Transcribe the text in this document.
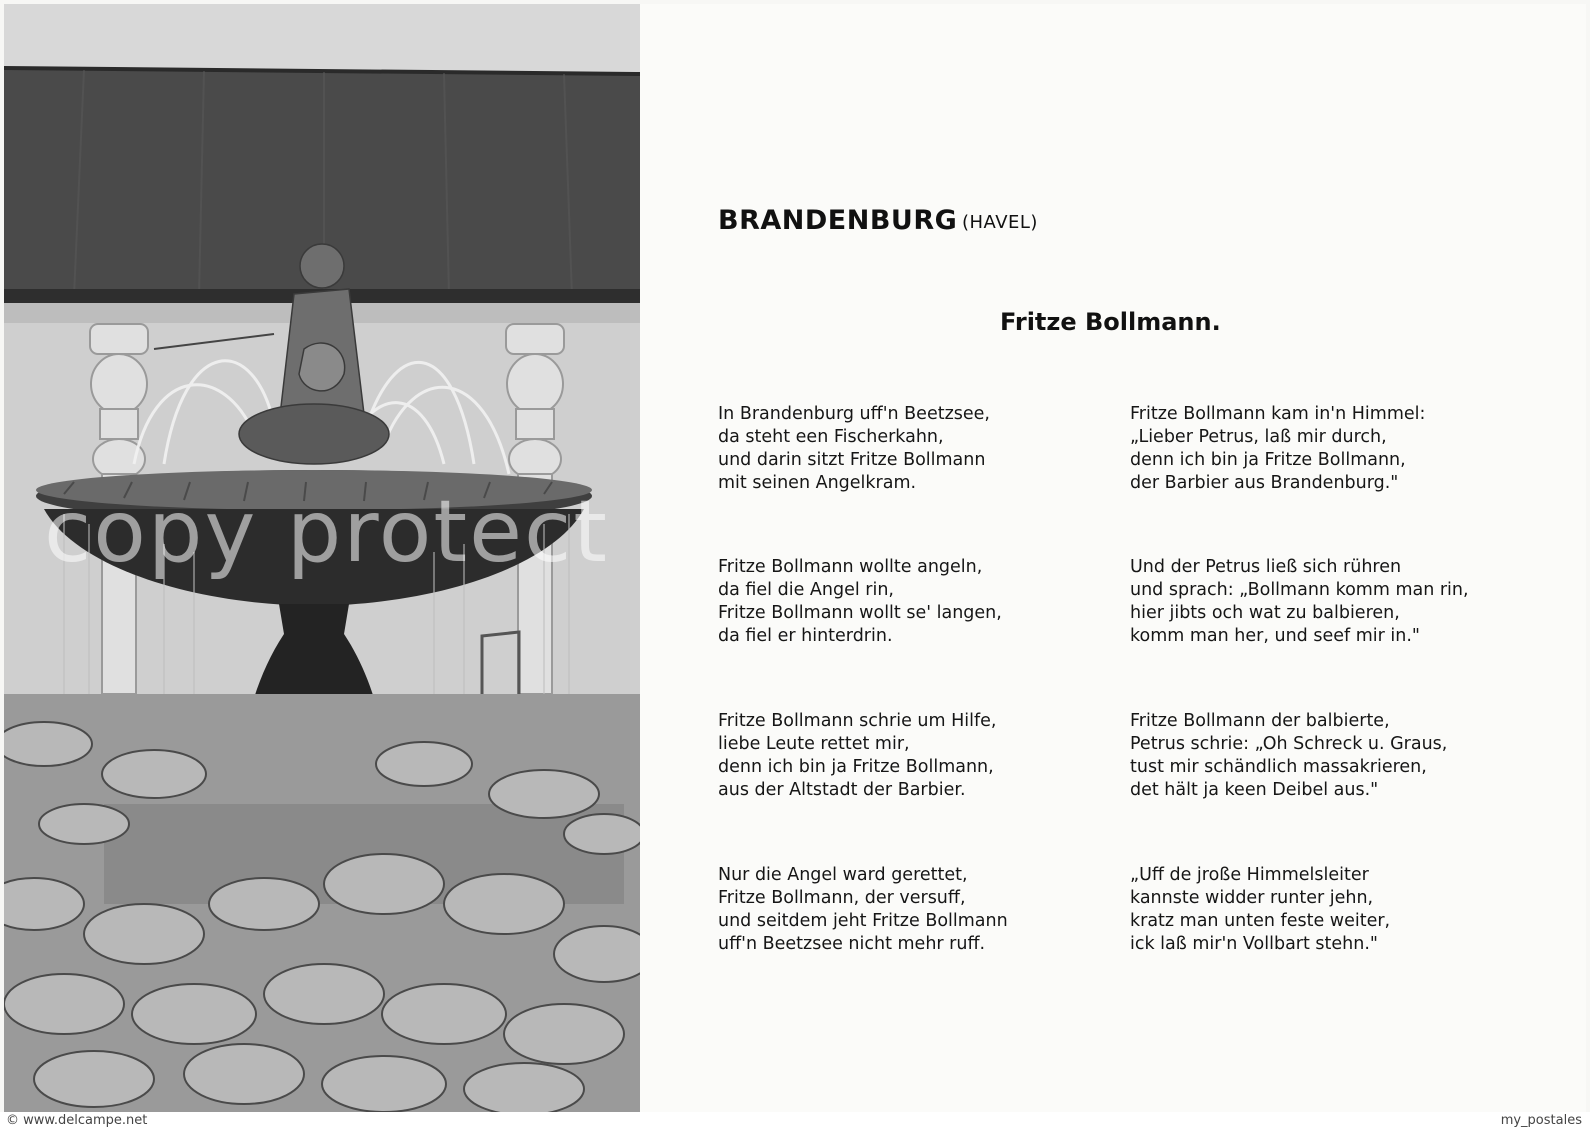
copy protect
BRANDENBURG (HAVEL)
Fritze Bollmann.
In Brandenburg uff'n Beetzsee,
da steht een Fischerkahn,
und darin sitzt Fritze Bollmann
mit seinen Angelkram.
Fritze Bollmann wollte angeln,
da fiel die Angel rin,
Fritze Bollmann wollt se' langen,
da fiel er hinterdrin.
Fritze Bollmann schrie um Hilfe,
liebe Leute rettet mir,
denn ich bin ja Fritze Bollmann,
aus der Altstadt der Barbier.
Nur die Angel ward gerettet,
Fritze Bollmann, der versuff,
und seitdem jeht Fritze Bollmann
uff'n Beetzsee nicht mehr ruff.
Fritze Bollmann kam in'n Himmel:
„Lieber Petrus, laß mir durch,
denn ich bin ja Fritze Bollmann,
der Barbier aus Brandenburg."
Und der Petrus ließ sich rühren
und sprach: „Bollmann komm man rin,
hier jibts och wat zu balbieren,
komm man her, und seef mir in."
Fritze Bollmann der balbierte,
Petrus schrie: „Oh Schreck u. Graus,
tust mir schändlich massakrieren,
det hält ja keen Deibel aus."
„Uff de jroße Himmelsleiter
kannste widder runter jehn,
kratz man unten feste weiter,
ick laß mir'n Vollbart stehn."
© www.delcampe.net	my_postales
